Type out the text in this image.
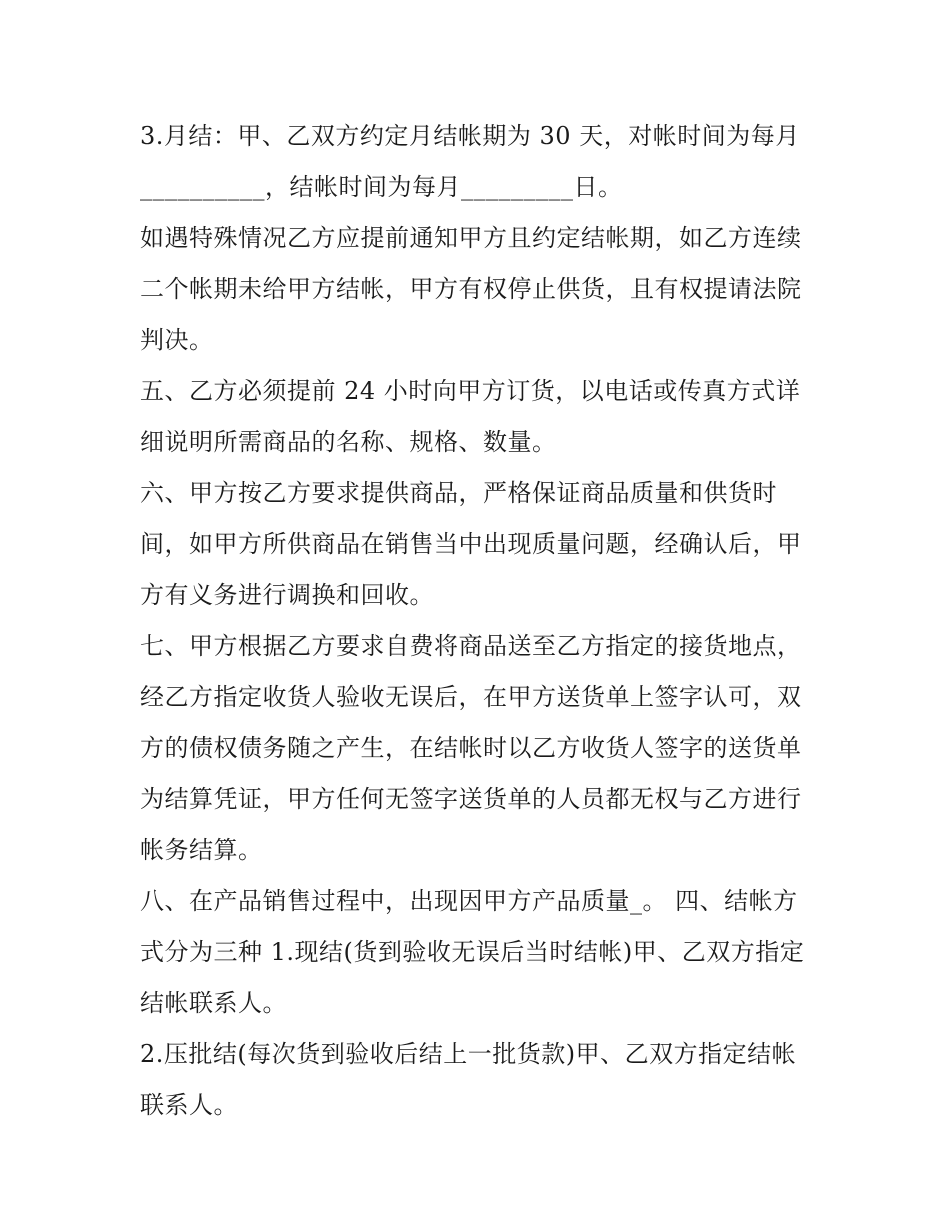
3.月结：甲、乙双方约定月结帐期为 30 天，对帐时间为每月
__________，结帐时间为每月_________日。

如遇特殊情况乙方应提前通知甲方且约定结帐期，如乙方连续
二个帐期未给甲方结帐，甲方有权停止供货，且有权提请法院
判决。

五、乙方必须提前 24 小时向甲方订货，以电话或传真方式详
细说明所需商品的名称、规格、数量。

六、甲方按乙方要求提供商品，严格保证商品质量和供货时
间，如甲方所供商品在销售当中出现质量问题，经确认后，甲
方有义务进行调换和回收。

七、甲方根据乙方要求自费将商品送至乙方指定的接货地点，
经乙方指定收货人验收无误后，在甲方送货单上签字认可，双
方的债权债务随之产生，在结帐时以乙方收货人签字的送货单
为结算凭证，甲方任何无签字送货单的人员都无权与乙方进行
帐务结算。

八、在产品销售过程中，出现因甲方产品质量_。 四、结帐方
式分为三种 1.现结(货到验收无误后当时结帐)甲、乙双方指定
结帐联系人。

2.压批结(每次货到验收后结上一批货款)甲、乙双方指定结帐
联系人。
